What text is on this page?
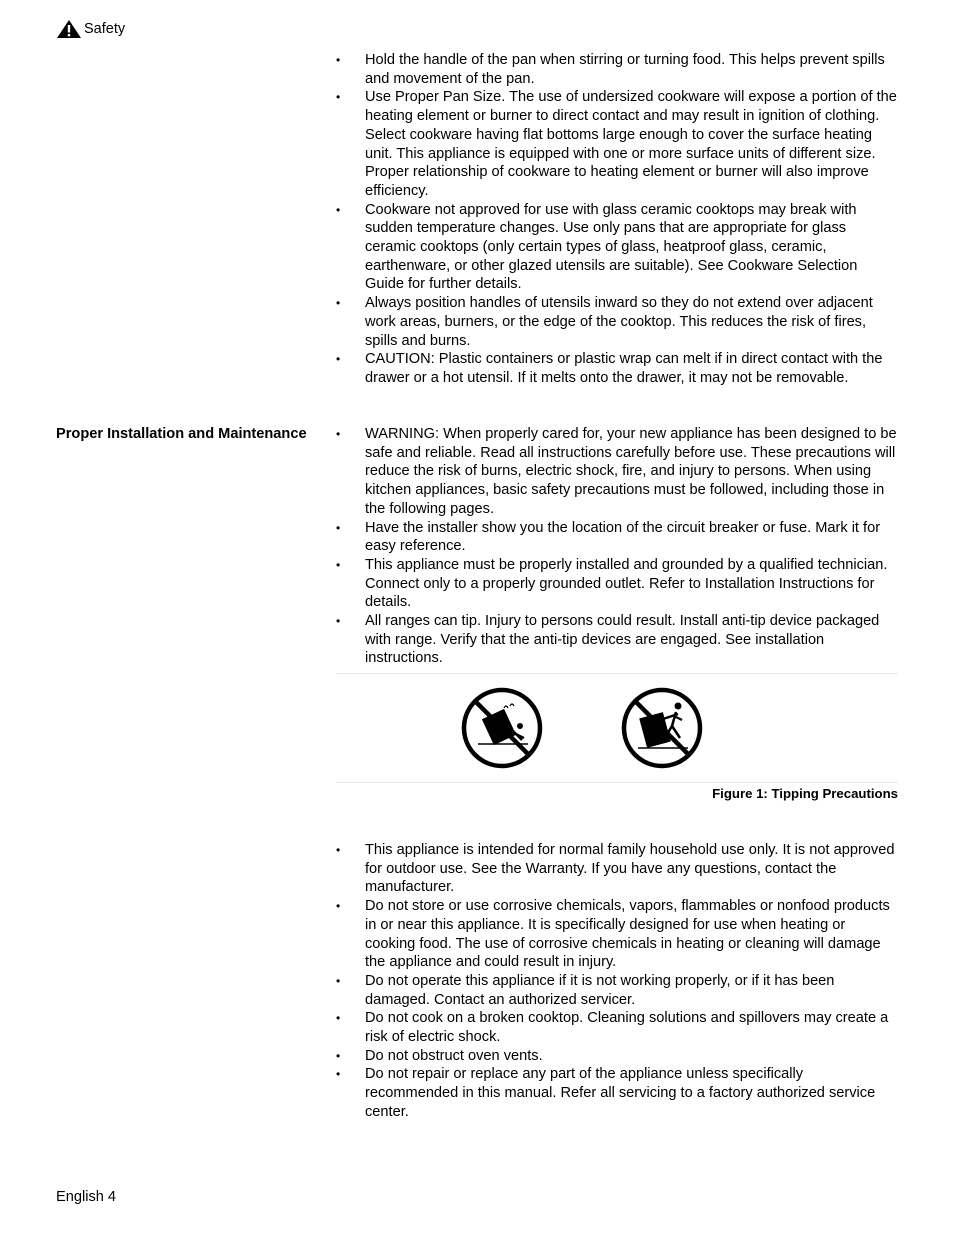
Safety
• Hold the handle of the pan when stirring or turning food. This helps prevent spills and movement of the pan.
• Use Proper Pan Size. The use of undersized cookware will expose a portion of the heating element or burner to direct contact and may result in ignition of clothing. Select cookware having flat bottoms large enough to cover the surface heating unit. This appliance is equipped with one or more surface units of different size. Proper relationship of cookware to heating element or burner will also improve efficiency.
• Cookware not approved for use with glass ceramic cooktops may break with sudden temperature changes. Use only pans that are appropriate for glass ceramic cooktops (only certain types of glass, heatproof glass, ceramic, earthenware, or other glazed utensils are suitable). See Cookware Selection Guide for further details.
• Always position handles of utensils inward so they do not extend over adjacent work areas, burners, or the edge of the cooktop. This reduces the risk of fires, spills and burns.
• CAUTION: Plastic containers or plastic wrap can melt if in direct contact with the drawer or a hot utensil. If it melts onto the drawer, it may not be removable.
Proper Installation and Maintenance
•	WARNING: When properly cared for, your new appliance has been designed to be safe and reliable. Read all instructions carefully before use. These precautions will reduce the risk of burns, electric shock, fire, and injury to persons. When using kitchen appliances, basic safety precautions must be followed, including those in the following pages.
• Have the installer show you the location of the circuit breaker or fuse. Mark it for easy reference.
• This appliance must be properly installed and grounded by a qualified technician. Connect only to a properly grounded outlet. Refer to Installation Instructions for details.
• All ranges can tip. Injury to persons could result. Install anti-tip device packaged with range. Verify that the anti-tip devices are engaged. See installation instructions.
Figure 1: Tipping Precautions
• This appliance is intended for normal family household use only. It is not approved for outdoor use. See the Warranty. If you have any questions, contact the manufacturer.
• Do not store or use corrosive chemicals, vapors, flammables or nonfood products in or near this appliance. It is specifically designed for use when heating or cooking food. The use of corrosive chemicals in heating or cleaning will damage the appliance and could result in injury.
• Do not operate this appliance if it is not working properly, or if it has been damaged. Contact an authorized servicer.
• Do not cook on a broken cooktop. Cleaning solutions and spillovers may create a risk of electric shock.
• Do not obstruct oven vents.
• Do not repair or replace any part of the appliance unless specifically recommended in this manual. Refer all servicing to a factory authorized service center.
English 4
